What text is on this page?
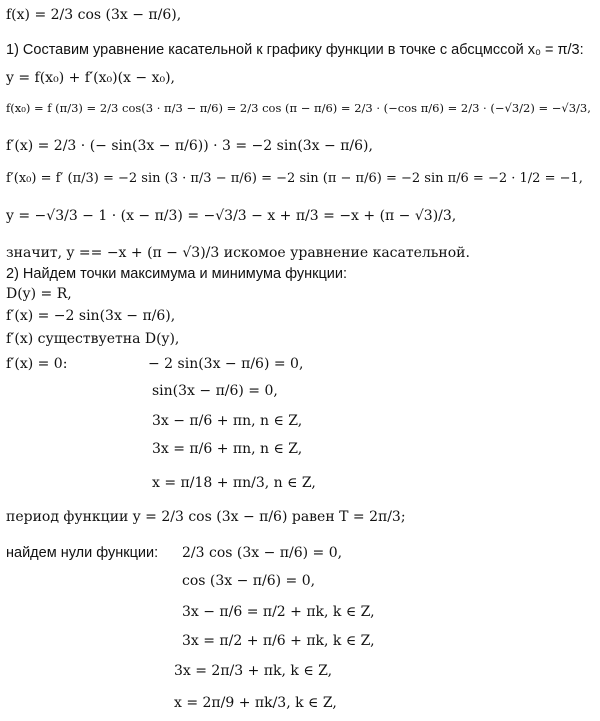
f(x) = 2/3 cos (3x − π/6),
1) Составим уравнение касательной к графику функции в точке с абсцмссой x₀ = π/3:
y = f(x₀) + f′(x₀)(x − x₀),
f(x₀) = f (π/3) = 2/3 cos(3 · π/3 − π/6) = 2/3 cos (π − π/6) = 2/3 · (−cos π/6) = 2/3 · (−√3/2) = −√3/3,
f′(x) = 2/3 · (− sin(3x − π/6)) · 3 = −2 sin(3x − π/6),
f′(x₀) = f′ (π/3) = −2 sin (3 · π/3 − π/6) = −2 sin (π − π/6) = −2 sin π/6 = −2 · 1/2 = −1,
y = −√3/3 − 1 · (x − π/3) = −√3/3 − x + π/3 = −x + (π − √3)/3,
значит, y == −x + (π − √3)/3 искомое уравнение касательной.
2) Найдем точки максимума и минимума функции:
D(y) = R,
f′(x) = −2 sin(3x − π/6),
f′(x) существуетна D(y),
f′(x) = 0:	− 2 sin(3x − π/6) = 0,
sin(3x − π/6) = 0,
3x − π/6 + πn, n ∈ Z,
3x = π/6 + πn, n ∈ Z,
x = π/18 + πn/3, n ∈ Z,
период функции y = 2/3 cos (3x − π/6) равен T = 2π/3;
найдем нули функции: 2/3 cos (3x − π/6) = 0,
cos (3x − π/6) = 0,
3x − π/6 = π/2 + πk, k ∈ Z,
3x = π/2 + π/6 + πk, k ∈ Z,
3x = 2π/3 + πk, k ∈ Z,
x = 2π/9 + πk/3, k ∈ Z,
